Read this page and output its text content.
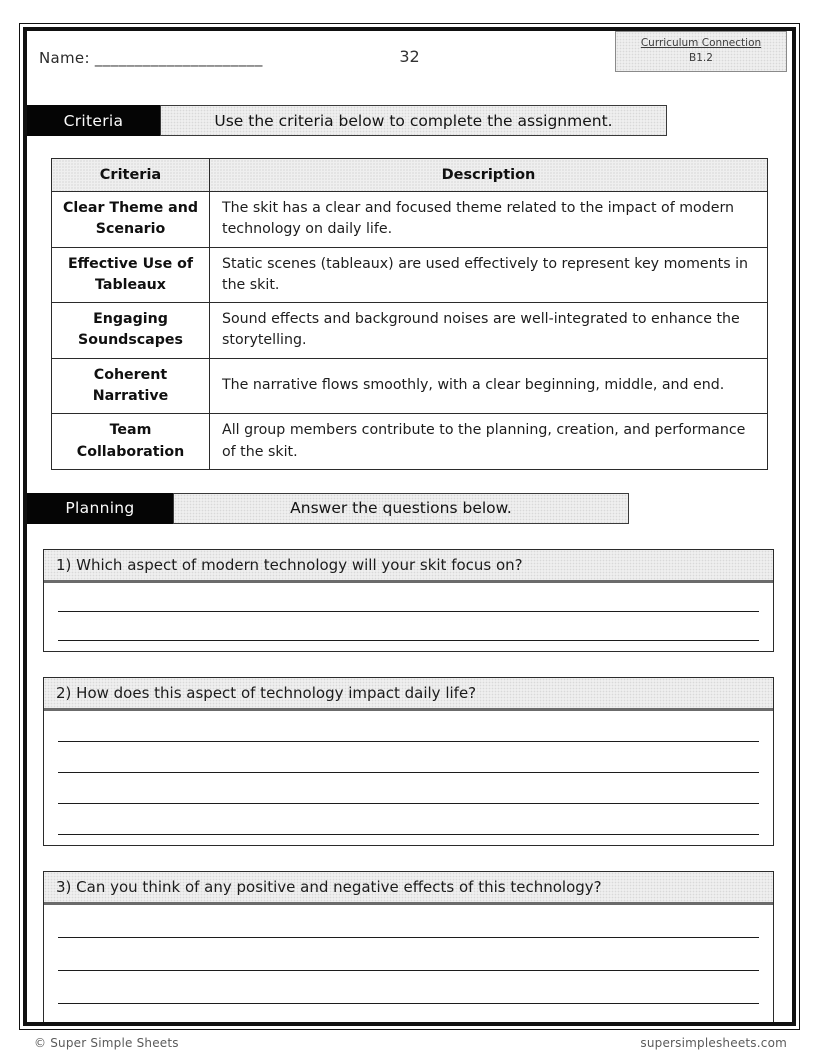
Name: _____________________	32
Curriculum Connection
B1.2
Criteria	Use the criteria below to complete the assignment.
Criteria	Description
Clear Theme and Scenario	The skit has a clear and focused theme related to the impact of modern technology on daily life.
Effective Use of Tableaux	Static scenes (tableaux) are used effectively to represent key moments in the skit.
Engaging Soundscapes	Sound effects and background noises are well-integrated to enhance the storytelling.
Coherent Narrative	The narrative flows smoothly, with a clear beginning, middle, and end.
Team Collaboration	All group members contribute to the planning, creation, and performance of the skit.
Planning	Answer the questions below.
1) Which aspect of modern technology will your skit focus on?
2) How does this aspect of technology impact daily life?
3) Can you think of any positive and negative effects of this technology?
© Super Simple Sheets	supersimplesheets.com
